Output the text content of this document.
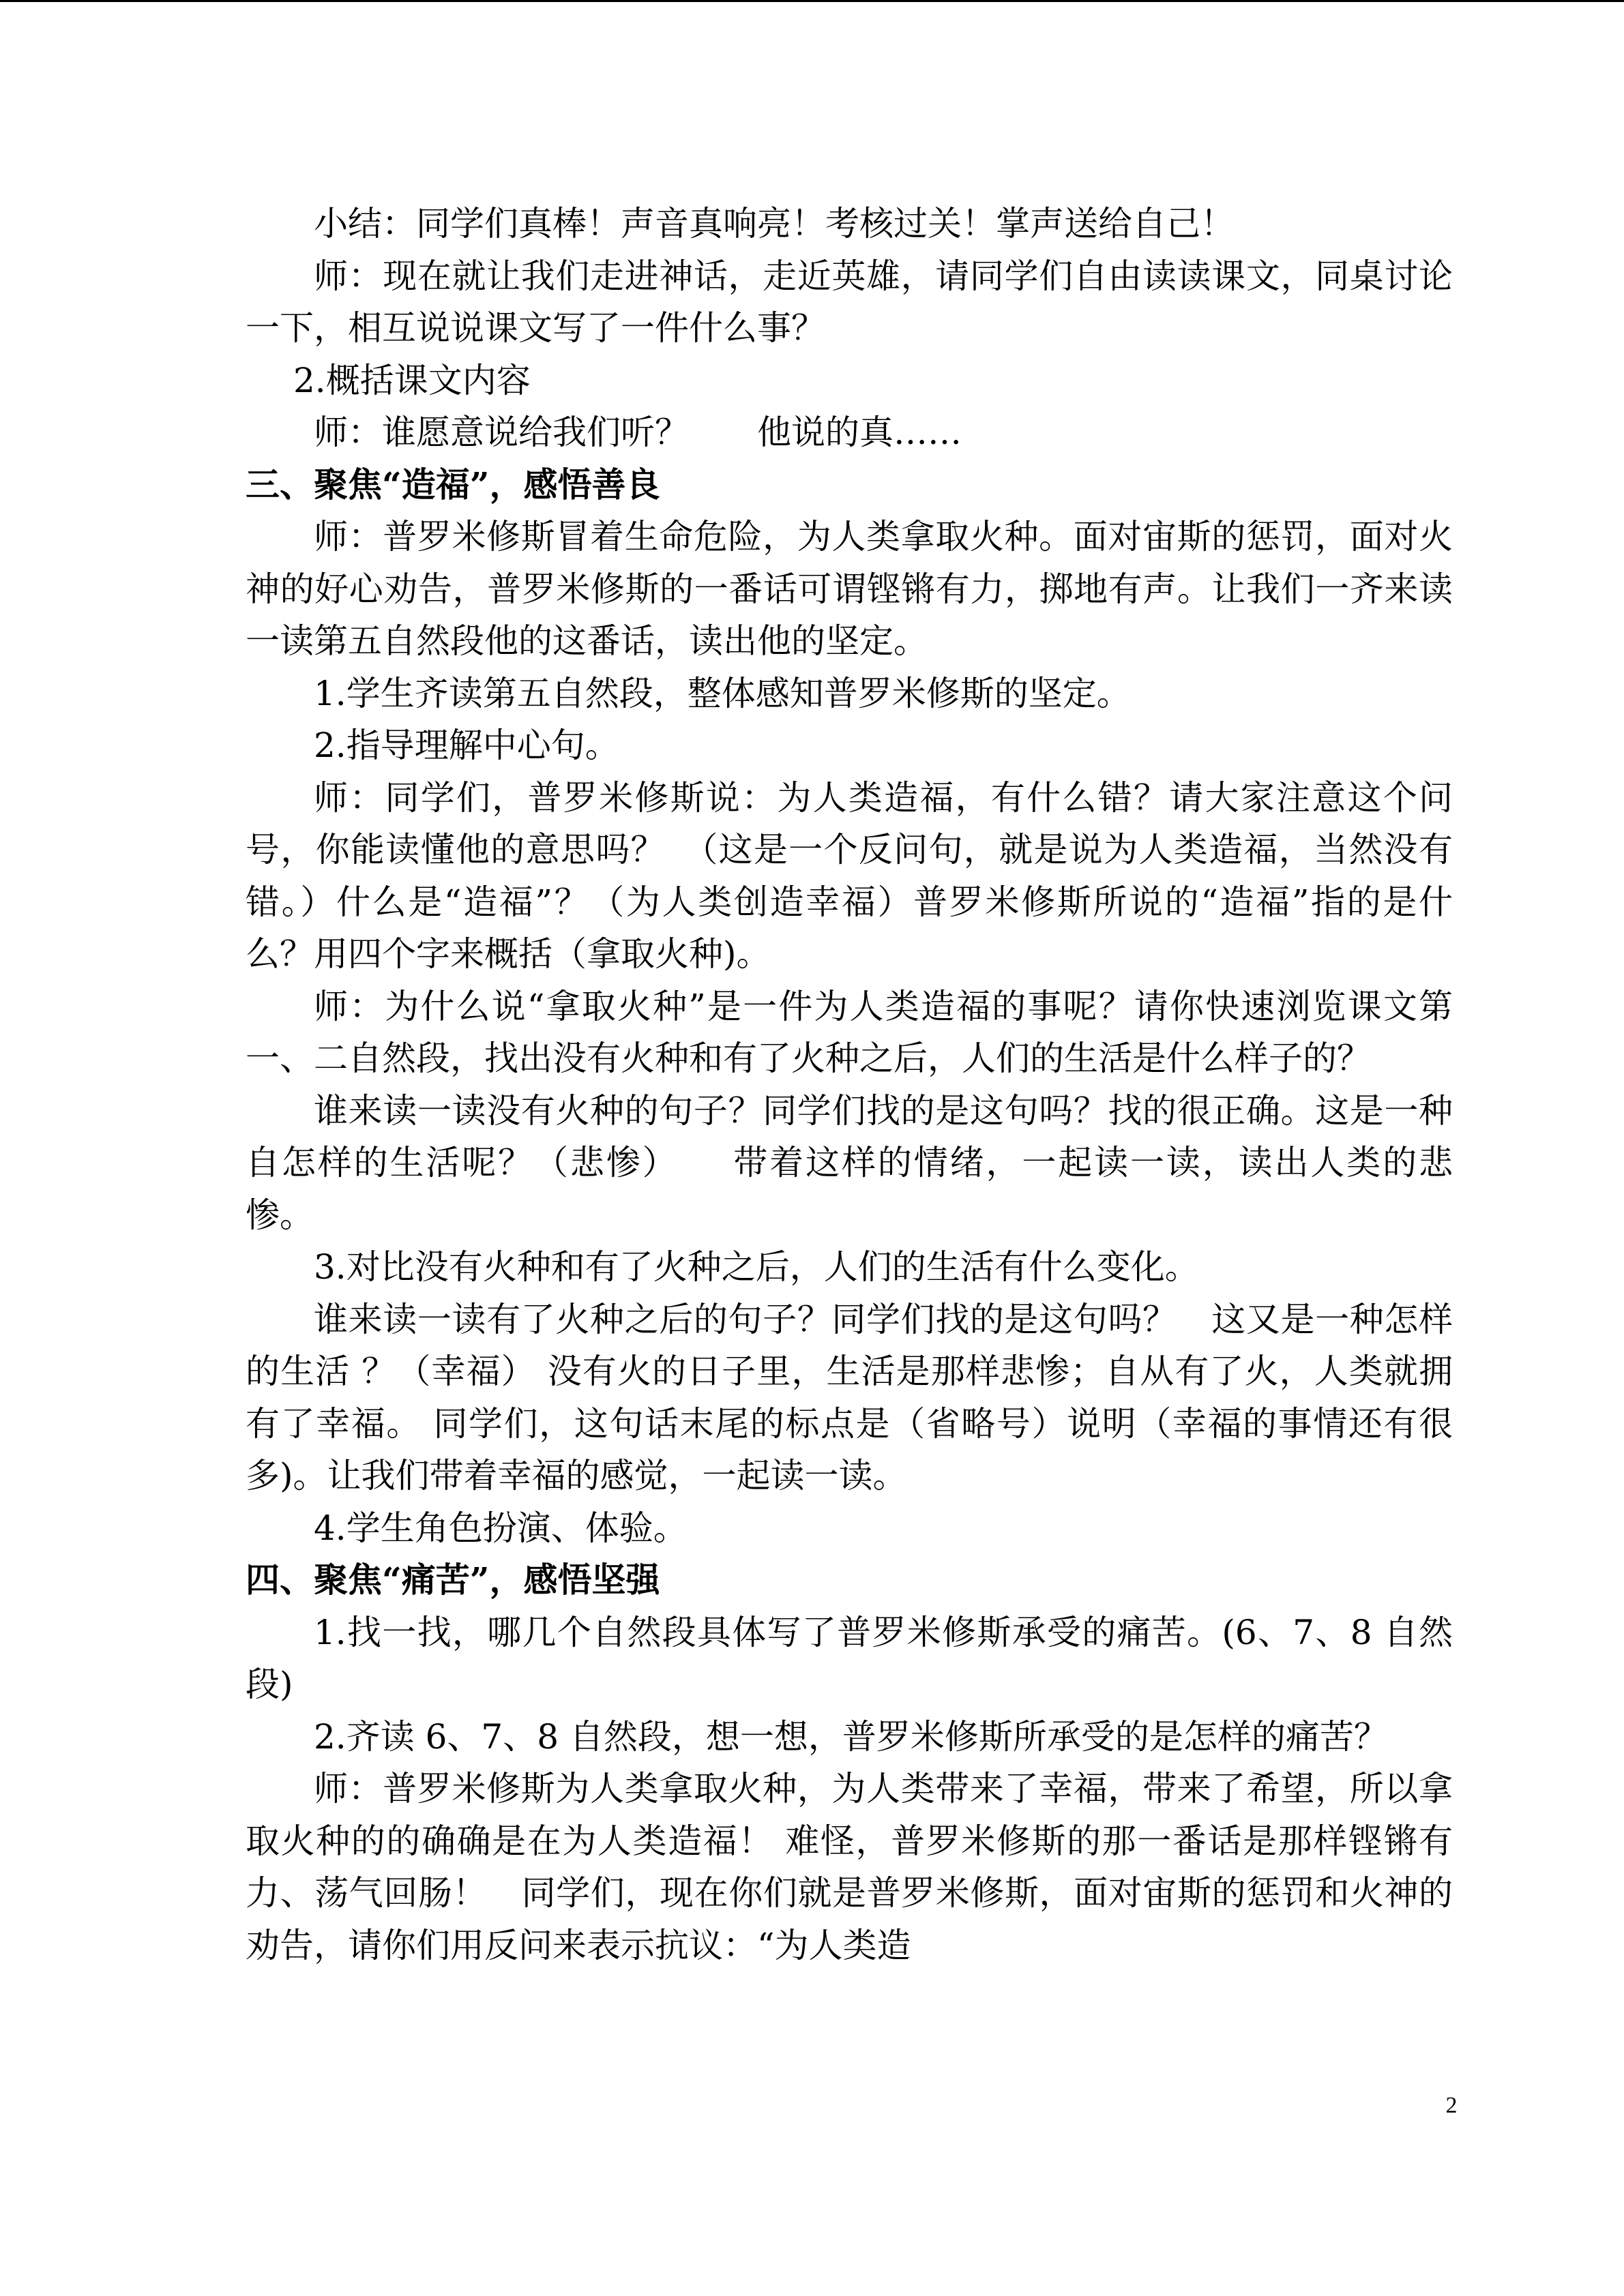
小结：同学们真棒！声音真响亮！考核过关！掌声送给自己！

师：现在就让我们走进神话，走近英雄，请同学们自由读读课文，同桌讨论一下，相互说说课文写了一件什么事？

2.概括课文内容

师：谁愿意说给我们听？　　他说的真……

三、聚焦“造福”，感悟善良

师：普罗米修斯冒着生命危险，为人类拿取火种。面对宙斯的惩罚，面对火神的好心劝告，普罗米修斯的一番话可谓铿锵有力，掷地有声。让我们一齐来读一读第五自然段他的这番话，读出他的坚定。

1.学生齐读第五自然段，整体感知普罗米修斯的坚定。

2.指导理解中心句。

师：同学们，普罗米修斯说：为人类造福，有什么错？请大家注意这个问号，你能读懂他的意思吗？　（这是一个反问句，就是说为人类造福，当然没有错。）什么是“造福”？（为人类创造幸福）普罗米修斯所说的“造福”指的是什么？用四个字来概括（拿取火种)。

师：为什么说“拿取火种”是一件为人类造福的事呢？请你快速浏览课文第一、二自然段，找出没有火种和有了火种之后，人们的生活是什么样子的？

谁来读一读没有火种的句子？同学们找的是这句吗？找的很正确。这是一种自怎样的生活呢？（悲惨）　　带着这样的情绪，一起读一读，读出人类的悲惨。

3.对比没有火种和有了火种之后，人们的生活有什么变化。

谁来读一读有了火种之后的句子？同学们找的是这句吗？　这又是一种怎样的生活 ？（幸福） 没有火的日子里，生活是那样悲惨；自从有了火，人类就拥有了幸福。 同学们，这句话末尾的标点是（省略号）说明（幸福的事情还有很多)。让我们带着幸福的感觉，一起读一读。

4.学生角色扮演、体验。

四、聚焦“痛苦”，感悟坚强

1.找一找，哪几个自然段具体写了普罗米修斯承受的痛苦。(6、7、8 自然段)

2.齐读 6、7、8 自然段，想一想，普罗米修斯所承受的是怎样的痛苦？

师：普罗米修斯为人类拿取火种，为人类带来了幸福，带来了希望，所以拿取火种的的确确是在为人类造福！ 难怪，普罗米修斯的那一番话是那样铿锵有力、荡气回肠！　同学们，现在你们就是普罗米修斯，面对宙斯的惩罚和火神的劝告，请你们用反问来表示抗议：“为人类造

2
